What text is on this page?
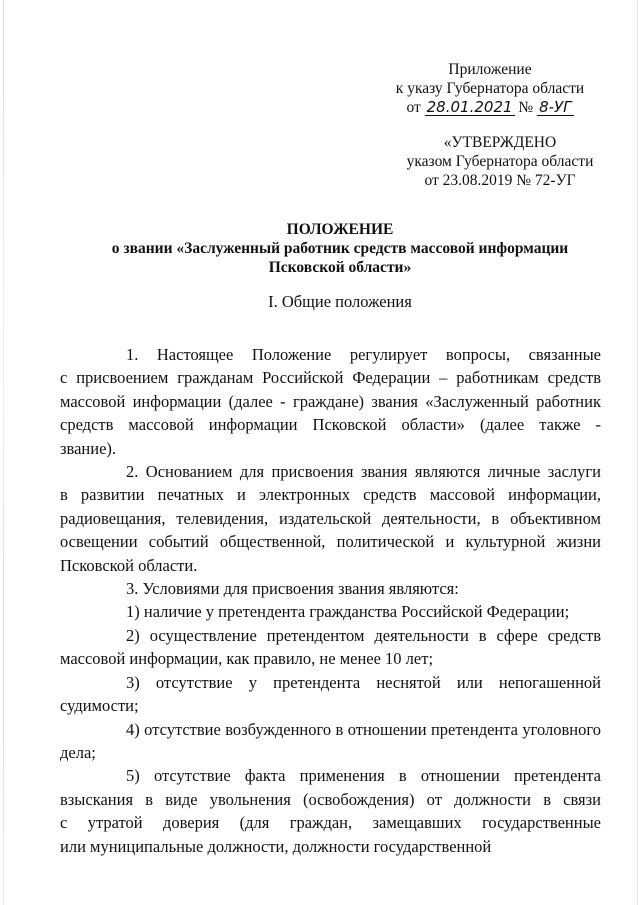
Приложение
к указу Губернатора области
от 28.01.2021 № 8-УГ
«УТВЕРЖДЕНО
указом Губернатора области
от 23.08.2019 № 72-УГ
ПОЛОЖЕНИЕ
о звании «Заслуженный работник средств массовой информации
Псковской области»
I. Общие положения
1. Настоящее Положение регулирует вопросы, связанные
с присвоением гражданам Российской Федерации – работникам средств
массовой информации (далее - граждане) звания «Заслуженный работник
средств массовой информации Псковской области» (далее также -
звание).
2. Основанием для присвоения звания являются личные заслуги
в развитии печатных и электронных средств массовой информации,
радиовещания, телевидения, издательской деятельности, в объективном
освещении событий общественной, политической и культурной жизни
Псковской области.
3. Условиями для присвоения звания являются:
1) наличие у претендента гражданства Российской Федерации;
2) осуществление претендентом деятельности в сфере средств
массовой информации, как правило, не менее 10 лет;
3) отсутствие у претендента неснятой или непогашенной
судимости;
4) отсутствие возбужденного в отношении претендента уголовного
дела;
5) отсутствие факта применения в отношении претендента
взыскания в виде увольнения (освобождения) от должности в связи
с утратой доверия (для граждан, замещавших государственные
или муниципальные должности, должности государственной
